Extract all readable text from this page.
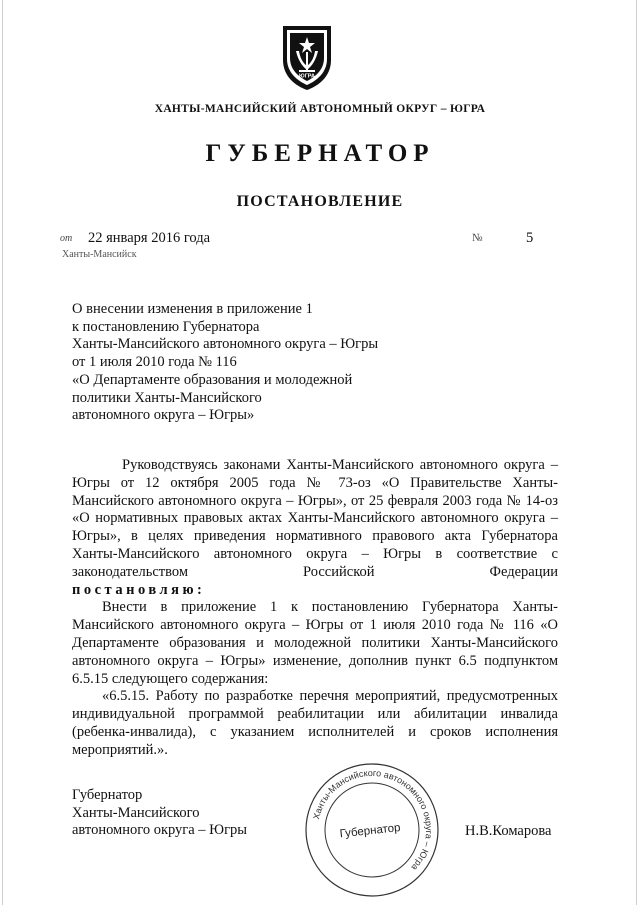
ЮГРА
ХАНТЫ-МАНСИЙСКИЙ АВТОНОМНЫЙ ОКРУГ – ЮГРА
ГУБЕРНАТОР
ПОСТАНОВЛЕНИЕ
от 22 января 2016 года	№	5
Ханты-Мансийск
О внесении изменения в приложение 1
к постановлению Губернатора
Ханты-Мансийского автономного округа – Югры
от 1 июля 2010 года № 116
«О Департаменте образования и молодежной
политики Ханты-Мансийского
автономного округа – Югры»

Руководствуясь законами Ханты-Мансийского автономного округа – Югры от 12 октября 2005 года № 73-оз «О Правительстве Ханты-Мансийского автономного округа – Югры», от 25 февраля 2003 года № 14-оз «О нормативных правовых актах Ханты-Мансийского автономного округа – Югры», в целях приведения нормативного правового акта Губернатора Ханты-Мансийского автономного округа – Югры в соответствие с законодательством Российской Федерации

постановляю:

Внести в приложение 1 к постановлению Губернатора Ханты-Мансийского автономного округа – Югры от 1 июля 2010 года № 116 «О Департаменте образования и молодежной политики Ханты-Мансийского автономного округа – Югры» изменение, дополнив пункт 6.5 подпунктом 6.5.15 следующего содержания:

«6.5.15. Работу по разработке перечня мероприятий, предусмотренных индивидуальной программой реабилитации или абилитации инвалида (ребенка-инвалида), с указанием исполнителей и сроков исполнения мероприятий.».

Губернатор
Ханты-Мансийского
автономного округа – Югры
Ханты-Мансийского автономного округа – Югра
Губернатор	Н.В.Комарова
